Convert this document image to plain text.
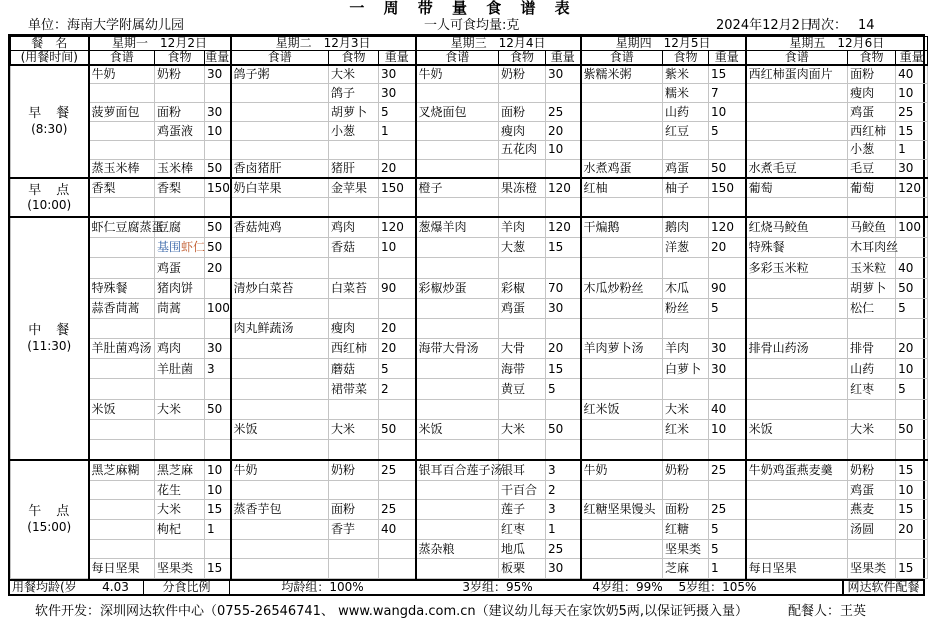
一 周 带 量 食 谱 表
单位：海南大学附属幼儿园	一人可食均量:克	2024年12月2日
周次： 14
餐　名	星期一　12月2日			星期二　12月3日			星期三　12月4日			星期四　12月5日			星期五　12月6日		
(用餐时间)	食谱	食物	重量	食谱	食物	重量	食谱	食物	重量	食谱	食物	重量	食谱	食物	重量

早　餐
(8:30)	牛奶	奶粉	30	鸽子粥	大米	30	牛奶	奶粉	30	紫糯米粥	紫米	15	西红柿蛋肉面片	面粉	40
					鸽子	30					糯米	7		瘦肉	10
	菠萝面包	面粉	30		胡萝卜	5	叉烧面包	面粉	25		山药	10		鸡蛋	25
		鸡蛋液	10		小葱	1		瘦肉	20		红豆	5		西红柿	15
								五花肉	10					小葱	1
	蒸玉米棒	玉米棒	50	香卤猪肝	猪肝	20				水煮鸡蛋	鸡蛋	50	水煮毛豆	毛豆	30

早　点
(10:00)	香梨	香梨	150	奶白苹果	金苹果	150	橙子	果冻橙	120	红柚	柚子	150	葡萄	葡萄	120

中　餐
(11:30)	虾仁豆腐蒸蛋	豆腐	50	香菇炖鸡	鸡肉	120	葱爆羊肉	羊肉	120	干煸鹅	鹅肉	120	红烧马鲛鱼	马鲛鱼	100
		基围虾仁	50		香菇	10		大葱	15		洋葱	20	特殊餐	木耳肉丝	
		鸡蛋	20										多彩玉米粒	玉米粒	40
	特殊餐	猪肉饼		清炒白菜苔	白菜苔	90	彩椒炒蛋	彩椒	70	木瓜炒粉丝	木瓜	90		胡萝卜	50
	蒜香茼蒿	茼蒿	100					鸡蛋	30		粉丝	5		松仁	5
				肉丸鲜蔬汤	瘦肉	20									
	羊肚菌鸡汤	鸡肉	30		西红柿	20	海带大骨汤	大骨	20	羊肉萝卜汤	羊肉	30	排骨山药汤	排骨	20
		羊肚菌	3		蘑菇	5		海带	15		白萝卜	30		山药	10
					裙带菜	2		黄豆	5					红枣	5
	米饭	大米	50							红米饭	大米	40			
				米饭	大米	50	米饭	大米	50		红米	10	米饭	大米	50

午　点
(15:00)	黑芝麻糊	黑芝麻	10	牛奶	奶粉	25	银耳百合莲子汤	银耳	3	牛奶	奶粉	25	牛奶鸡蛋燕麦羹	奶粉	15
		花生	10					干百合	2					鸡蛋	10
		大米	15	蒸香芋包	面粉	25		莲子	3	红糖坚果馒头	面粉	25		燕麦	15
		枸杞	1		香芋	40		红枣	1		红糖	5		汤圆	20
							蒸杂粮	地瓜	25		坚果类	5			
	每日坚果	坚果类	15					板栗	30		芝麻	1	每日坚果	坚果类	15
用餐均龄(岁	4.03	分食比例	均龄组：100%	3岁组：95%	4岁组：99%	5岁组：105%	网达软件配餐
软件开发：深圳网达软件中心（0755-26546741、 www.wangda.com.cn（建议幼儿每天在家饮奶5两,以保证钙摄入量）	配餐人：王英
